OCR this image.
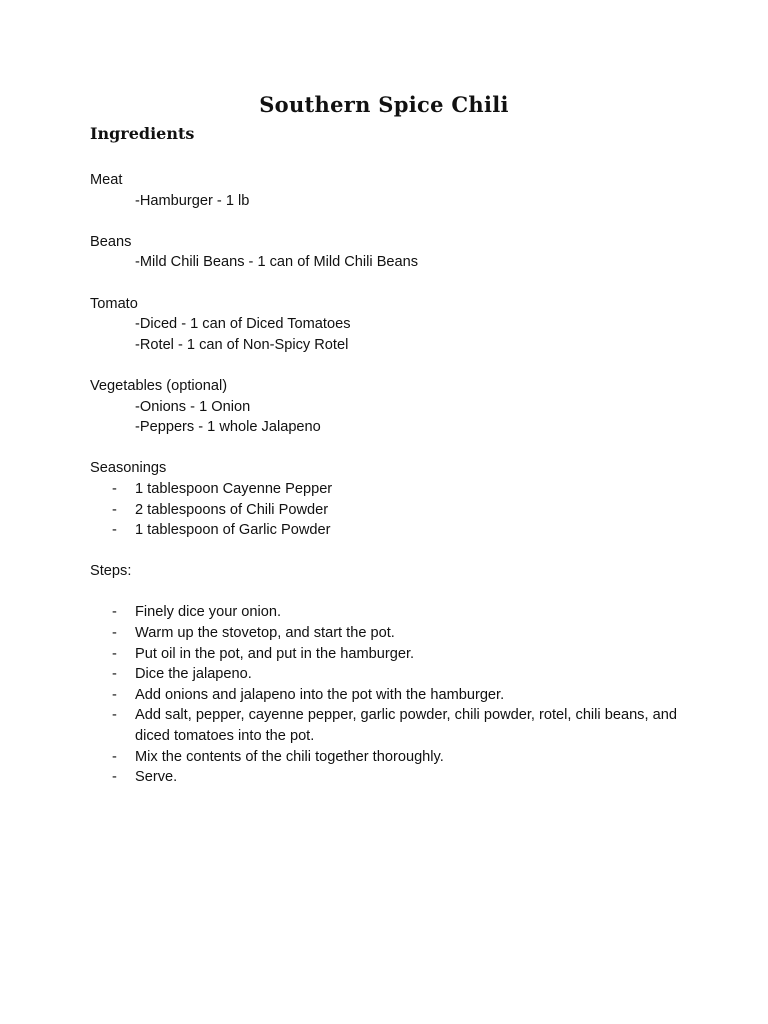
Southern Spice Chili
Ingredients

Meat

-Hamburger - 1 lb

Beans

-Mild Chili Beans - 1 can of Mild Chili Beans

Tomato

-Diced - 1 can of Diced Tomatoes

-Rotel - 1 can of Non-Spicy Rotel

Vegetables (optional)

-Onions - 1 Onion

-Peppers - 1 whole Jalapeno

Seasonings

- 1 tablespoon Cayenne Pepper
- 2 tablespoons of Chili Powder
- 1 tablespoon of Garlic Powder

Steps:

- Finely dice your onion.
- Warm up the stovetop, and start the pot.
- Put oil in the pot, and put in the hamburger.
- Dice the jalapeno.
- Add onions and jalapeno into the pot with the hamburger.
- Add salt, pepper, cayenne pepper, garlic powder, chili powder, rotel, chili beans, and diced tomatoes into the pot.
- Mix the contents of the chili together thoroughly.
- Serve.
